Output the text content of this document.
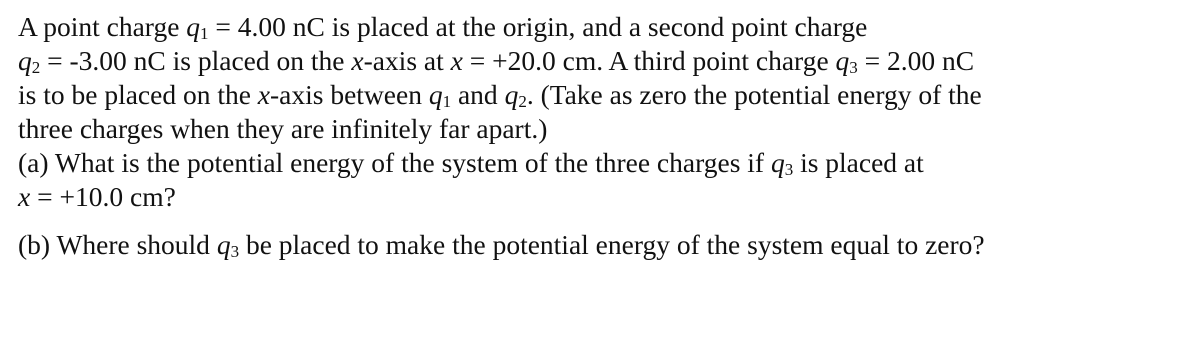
A point charge q1 = 4.00 nC is placed at the origin, and a second point charge
q2 = -3.00 nC is placed on the x-axis at x = +20.0 cm. A third point charge q3 = 2.00 nC
is to be placed on the x-axis between q1 and q2. (Take as zero the potential energy of the
three charges when they are infinitely far apart.)
(a) What is the potential energy of the system of the three charges if q3 is placed at
x = +10.0 cm?
(b) Where should q3 be placed to make the potential energy of the system equal to zero?
